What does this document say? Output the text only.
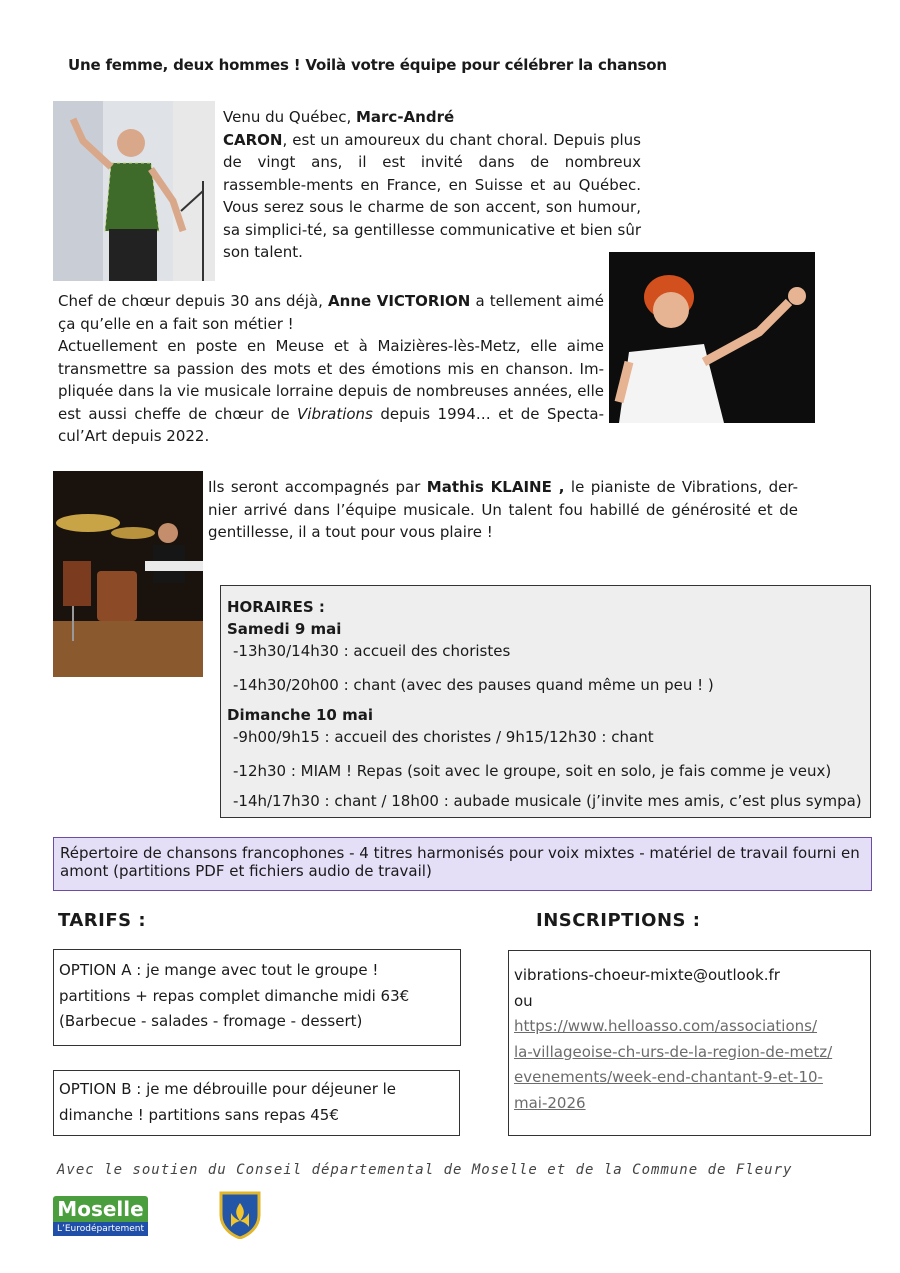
Une femme, deux hommes ! Voilà votre équipe pour célébrer la chanson
Venu du Québec, Marc-André
CARON, est un amoureux du chant choral. Depuis plus de vingt ans, il est invité dans de nombreux rassemble-ments en France, en Suisse et au Québec. Vous serez sous le charme de son accent, son humour, sa simplici-té, sa gentillesse communicative et bien sûr son talent.
Chef de chœur depuis 30 ans déjà, Anne VICTORION a tellement aimé ça qu’elle en a fait son métier !
Actuellement en poste en Meuse et à Maizières-lès-Metz, elle aime transmettre sa passion des mots et des émotions mis en chanson. Im-pliquée dans la vie musicale lorraine depuis de nombreuses années, elle est aussi cheffe de chœur de Vibrations depuis 1994… et de Specta-cul’Art depuis 2022.
Ils seront accompagnés par Mathis KLAINE , le pianiste de Vibrations, der-nier arrivé dans l’équipe musicale. Un talent fou habillé de générosité et de gentillesse, il a tout pour vous plaire !
HORAIRES :
Samedi 9 mai
-13h30/14h30 : accueil des choristes
-14h30/20h00 : chant (avec des pauses quand même un peu ! )
Dimanche 10 mai
-9h00/9h15 : accueil des choristes / 9h15/12h30 : chant
-12h30 : MIAM ! Repas (soit avec le groupe, soit en solo, je fais comme je veux)
-14h/17h30 : chant / 18h00 : aubade musicale (j’invite mes amis, c’est plus sympa)
Répertoire de chansons francophones - 4 titres harmonisés pour voix mixtes - matériel de travail fourni en amont (partitions PDF et fichiers audio de travail)
TARIFS :
OPTION A : je mange avec tout le groupe !
partitions + repas complet dimanche midi 63€
(Barbecue - salades - fromage - dessert)
OPTION B : je me débrouille pour déjeuner le
dimanche ! partitions sans repas 45€
INSCRIPTIONS :
vibrations-choeur-mixte@outlook.fr
ou
https://www.helloasso.com/associations/
la-villageoise-ch-urs-de-la-region-de-metz/
evenements/week-end-chantant-9-et-10-
mai-2026
Avec le soutien du Conseil départemental de Moselle et de la Commune de Fleury
Moselle
L’Eurodépartement
